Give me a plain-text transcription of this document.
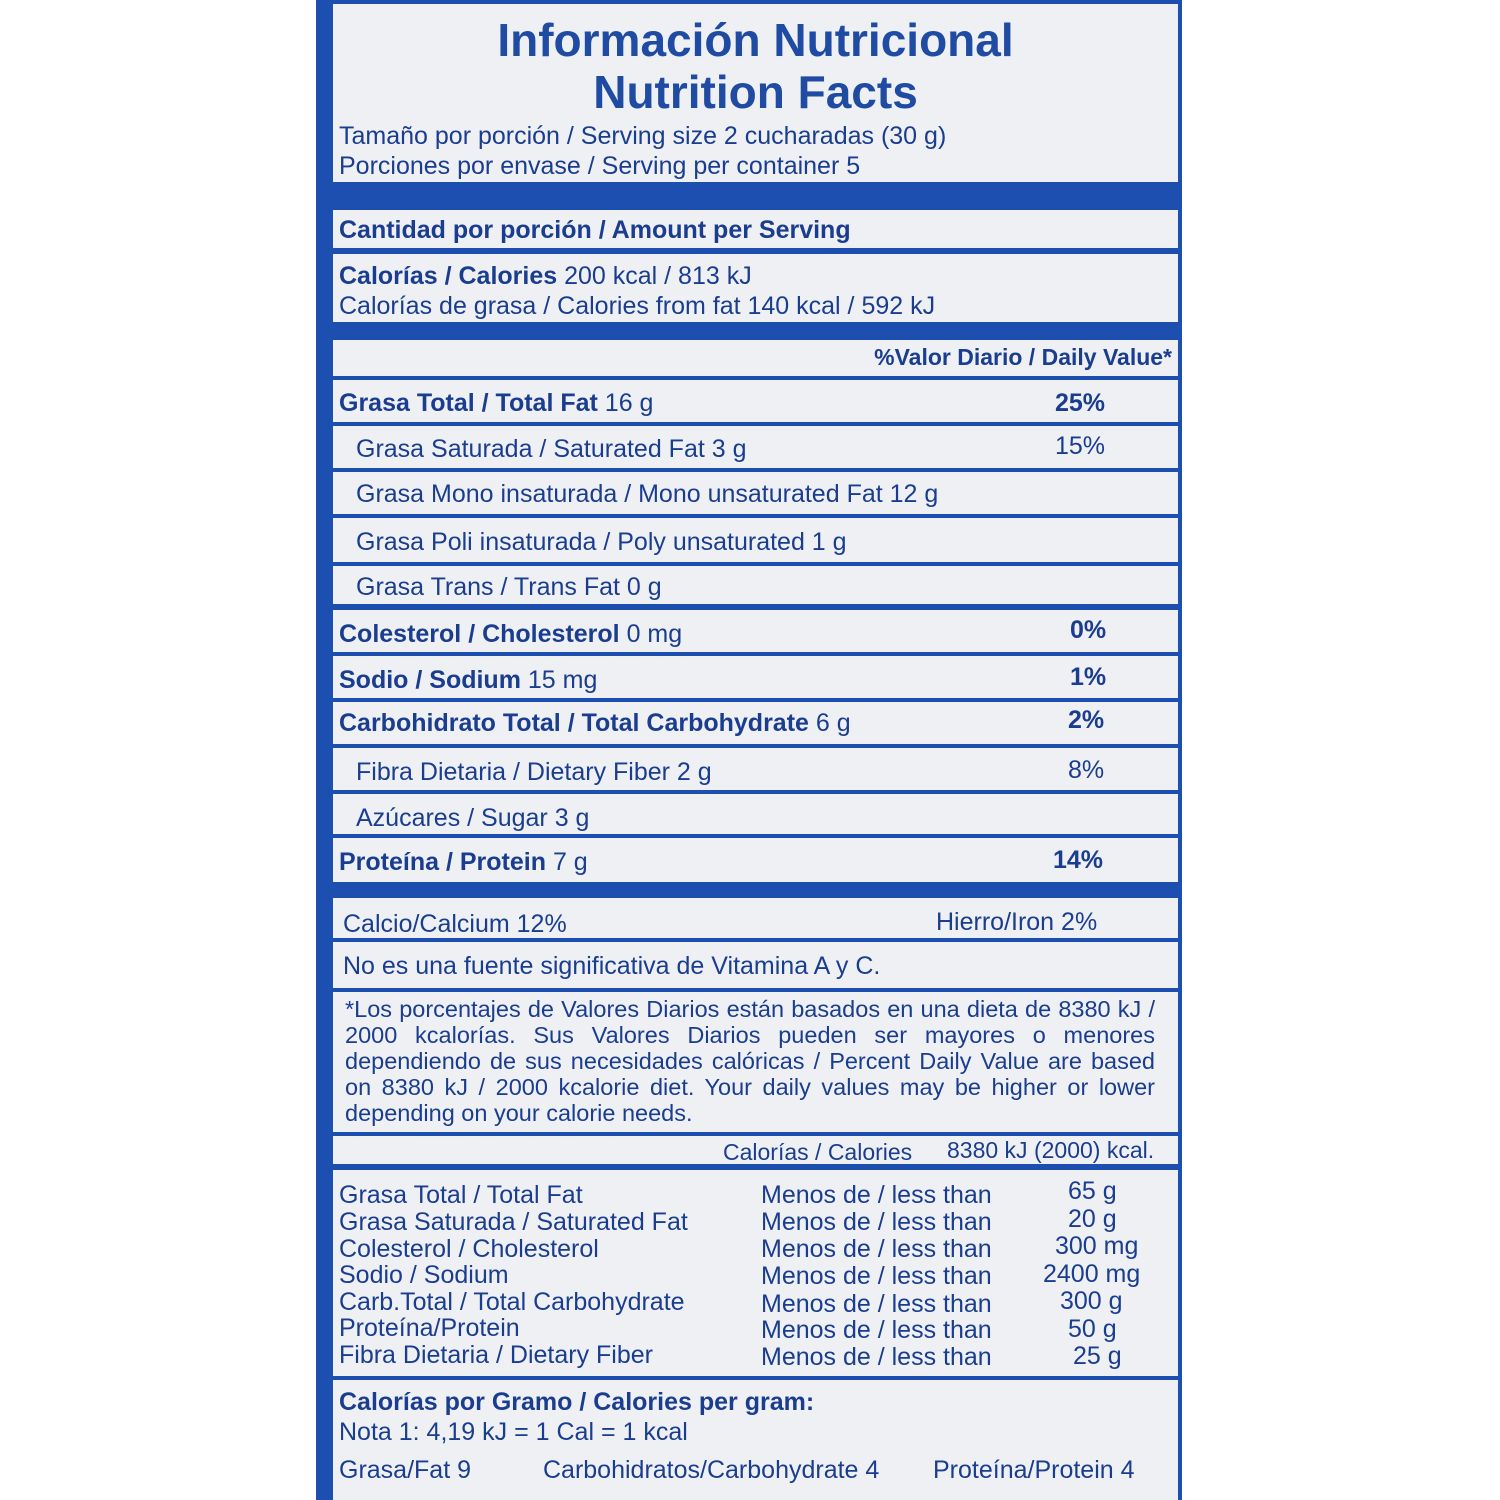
Información Nutricional
Nutrition Facts
Tamaño por porción / Serving size 2 cucharadas (30 g)
Porciones por envase / Serving per container 5
Cantidad por porción / Amount per Serving
Calorías / Calories 200 kcal / 813 kJ
Calorías de grasa / Calories from fat 140 kcal / 592 kJ
%Valor Diario / Daily Value*
Grasa Total / Total Fat 16 g	25%
Grasa Saturada / Saturated Fat 3 g	15%
Grasa Mono insaturada / Mono unsaturated Fat 12 g
Grasa Poli insaturada / Poly unsaturated 1 g
Grasa Trans / Trans Fat 0 g
Colesterol / Cholesterol 0 mg	0%
Sodio / Sodium 15 mg	1%
Carbohidrato Total / Total Carbohydrate 6 g	2%
Fibra Dietaria / Dietary Fiber 2 g	8%
Azúcares / Sugar 3 g
Proteína / Protein 7 g	14%
Calcio/Calcium 12%	Hierro/Iron 2%
No es una fuente significativa de Vitamina A y C.
*Los porcentajes de Valores Diarios están basados en una dieta de 8380 kJ / 2000 kcalorías. Sus Valores Diarios pueden ser mayores o menores dependiendo de sus necesidades calóricas / Percent Daily Value are based on 8380 kJ / 2000 kcalorie diet. Your daily values may be higher or lower depending on your calorie needs.
Calorías / Calories 8380 kJ (2000) kcal.
Grasa Total / Total Fat	Menos de / less than	65 g
Grasa Saturada / Saturated Fat	Menos de / less than	20 g
Colesterol / Cholesterol	Menos de / less than	300 mg
Sodio / Sodium	Menos de / less than 2400 mg
Carb.Total / Total Carbohydrate	Menos de / less than	300 g
Proteína/Protein	Menos de / less than	50 g
Fibra Dietaria / Dietary Fiber	Menos de / less than	25 g
Calorías por Gramo / Calories per gram:
Nota 1: 4,19 kJ = 1 Cal = 1 kcal
Grasa/Fat 9	Carbohidratos/Carbohydrate 4 Proteína/Protein 4
